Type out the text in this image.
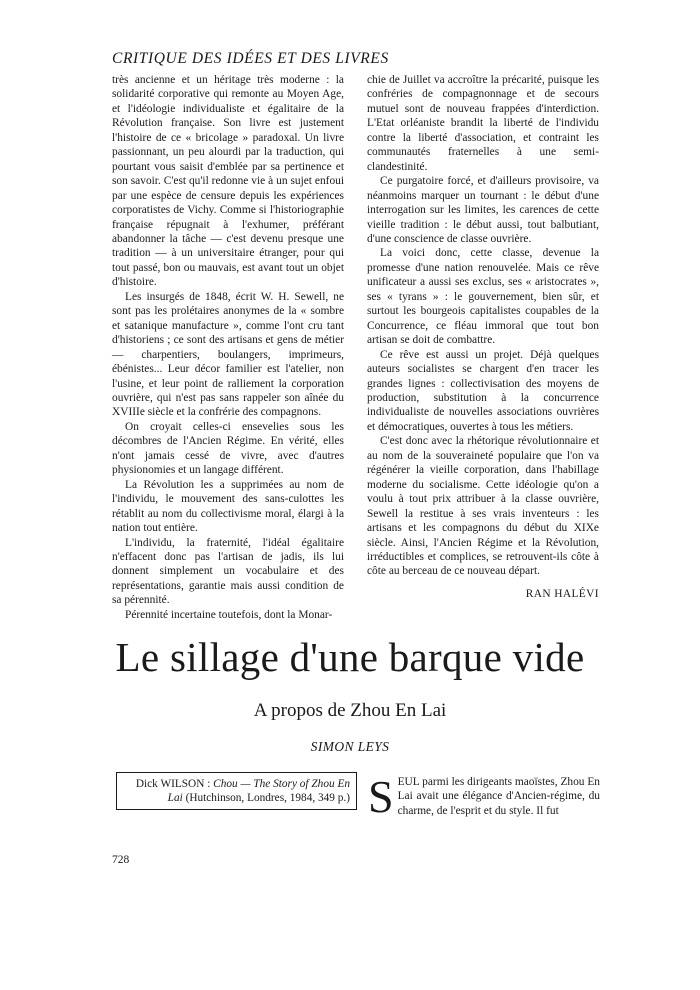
CRITIQUE DES IDÉES ET DES LIVRES

très ancienne et un héritage très moderne : la solidarité corporative qui remonte au Moyen Age, et l'idéologie individualiste et égalitaire de la Révolution française. Son livre est justement l'histoire de ce « bricolage » paradoxal. Un livre passionnant, un peu alourdi par la traduction, qui pourtant vous saisit d'emblée par sa pertinence et son savoir. C'est qu'il redonne vie à un sujet enfoui par une espèce de censure depuis les expériences corporatistes de Vichy. Comme si l'historiographie française répugnait à l'exhumer, préférant abandonner la tâche — c'est devenu presque une tradition — à un universitaire étranger, pour qui tout passé, bon ou mauvais, est avant tout un objet d'histoire.

Les insurgés de 1848, écrit W. H. Sewell, ne sont pas les prolétaires anonymes de la « sombre et satanique manufacture », comme l'ont cru tant d'historiens ; ce sont des artisans et gens de métier — charpentiers, boulangers, imprimeurs, ébénistes... Leur décor familier est l'atelier, non l'usine, et leur point de ralliement la corporation ouvrière, qui n'est pas sans rappeler son aînée du XVIIIe siècle et la confrérie des compagnons.

On croyait celles-ci ensevelies sous les décombres de l'Ancien Régime. En vérité, elles n'ont jamais cessé de vivre, avec d'autres physionomies et un langage différent.

La Révolution les a supprimées au nom de l'individu, le mouvement des sans-culottes les rétablit au nom du collectivisme moral, élargi à la nation tout entière.

L'individu, la fraternité, l'idéal égalitaire n'effacent donc pas l'artisan de jadis, ils lui donnent simplement un vocabulaire et des représentations, garantie mais aussi condition de sa pérennité.

Pérennité incertaine toutefois, dont la Monar-

chie de Juillet va accroître la précarité, puisque les confréries de compagnonnage et de secours mutuel sont de nouveau frappées d'interdiction. L'Etat orléaniste brandit la liberté de l'individu contre la liberté d'association, et contraint les communautés fraternelles à une semi-clandestinité.

Ce purgatoire forcé, et d'ailleurs provisoire, va néanmoins marquer un tournant : le début d'une interrogation sur les limites, les carences de cette vieille tradition : le début aussi, tout balbutiant, d'une conscience de classe ouvrière.

La voici donc, cette classe, devenue la promesse d'une nation renouvelée. Mais ce rêve unificateur a aussi ses exclus, ses « aristocrates », ses « tyrans » : le gouvernement, bien sûr, et surtout les bourgeois capitalistes coupables de la Concurrence, ce fléau immoral que tout bon artisan se doit de combattre.

Ce rêve est aussi un projet. Déjà quelques auteurs socialistes se chargent d'en tracer les grandes lignes : collectivisation des moyens de production, substitution à la concurrence individualiste de nouvelles associations ouvrières et démocratiques, ouvertes à tous les métiers.

C'est donc avec la rhétorique révolutionnaire et au nom de la souveraineté populaire que l'on va régénérer la vieille corporation, dans l'habillage moderne du socialisme. Cette idéologie qu'on a voulu à tout prix attribuer à la classe ouvrière, Sewell la restitue à ses vrais inventeurs : les artisans et les compagnons du début du XIXe siècle. Ainsi, l'Ancien Régime et la Révolution, irréductibles et complices, se retrouvent-ils côte à côte au berceau de ce nouveau départ.

RAN HALÉVI
Le sillage d'une barque vide
A propos de Zhou En Lai
SIMON LEYS
Dick WILSON : Chou — The Story of Zhou En Lai (Hutchinson, Londres, 1984, 349 p.) S EUL parmi les dirigeants maoïstes, Zhou En Lai avait une élégance d'Ancien-régime, du charme, de l'esprit et du style. Il fut
728
